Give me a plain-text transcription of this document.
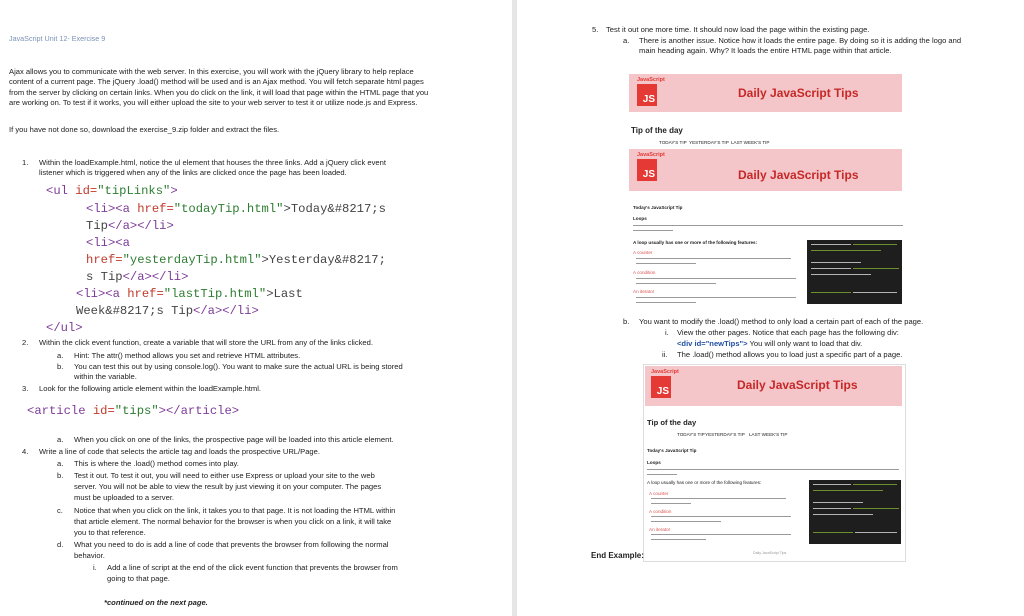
JavaScript Unit 12- Exercise 9
Ajax allows you to communicate with the web server. In this exercise, you will work with the jQuery library to help replace content of a current page. The jQuery .load() method will be used and is an Ajax method. You will fetch separate html pages from the server by clicking on certain links. When you do click on the link, it will load that page within the HTML page that you are working on. To test if it works, you will either upload the site to your web server to test it or utilize node.js and Express.
If you have not done so, download the exercise_9.zip folder and extract the files.
1. Within the loadExample.html, notice the ul element that houses the three links. Add a jQuery click event
listener which is triggered when any of the links are clicked once the page has been loaded.
<ul id="tipLinks">
<li><a href="todayTip.html">Today&#8217;s
Tip</a></li>
<li><a
href="yesterdayTip.html">Yesterday&#8217;
s Tip</a></li>
<li><a href="lastTip.html">Last
Week&#8217;s Tip</a></li>
</ul>
2. Within the click event function, create a variable that will store the URL from any of the links clicked.
a. Hint: The attr() method allows you set and retrieve HTML attributes.
b. You can test this out by using console.log(). You want to make sure the actual URL is being stored
within the variable.
3. Look for the following article element within the loadExample.html.
<article id="tips"></article>
a. When you click on one of the links, the prospective page will be loaded into this article element.
4. Write a line of code that selects the article tag and loads the prospective URL/Page.
a. This is where the .load() method comes into play.
b. Test it out. To test it out, you will need to either use Express or upload your site to the web
server. You will not be able to view the result by just viewing it on your computer. The pages
must be uploaded to a server.
c. Notice that when you click on the link, it takes you to that page. It is not loading the HTML within
that article element. The normal behavior for the browser is when you click on a link, it will take
you to that reference.
d. What you need to do is add a line of code that prevents the browser from following the normal
behavior.
i. Add a line of script at the end of the click event function that prevents the browser from
going to that page.
*continued on the next page.
5. Test it out one more time. It should now load the page within the existing page.
a. There is another issue. Notice how it loads the entire page. By doing so it is adding the logo and
main heading again. Why? It loads the entire HTML page within that article.
JavaScript
JS	Daily JavaScript Tips
Tip of the day
TODAY'S TIP YESTERDAY'S TIP LAST WEEK'S TIP
JavaScript
JS	Daily JavaScript Tips
Today's JavaScript Tip
Loops
A loop usually has one or more of the following features:
A counter
A condition
An iterator
b. You want to modify the .load() method to only load a certain part of each of the page.
i. View the other pages. Notice that each page has the following div:
<div id="newTips"> You will only want to load that div.
ii. The .load() method allows you to load just a specific part of a page.
JavaScript
JS	Daily JavaScript Tips
Tip of the day
TODAY'S TIP YESTERDAY'S TIP LAST WEEK'S TIP
Today's JavaScript Tip
Loops
A loop usually has one or more of the following features:
A counter
A condition
An iterator
Daily JavaScript Tips
End Example:
